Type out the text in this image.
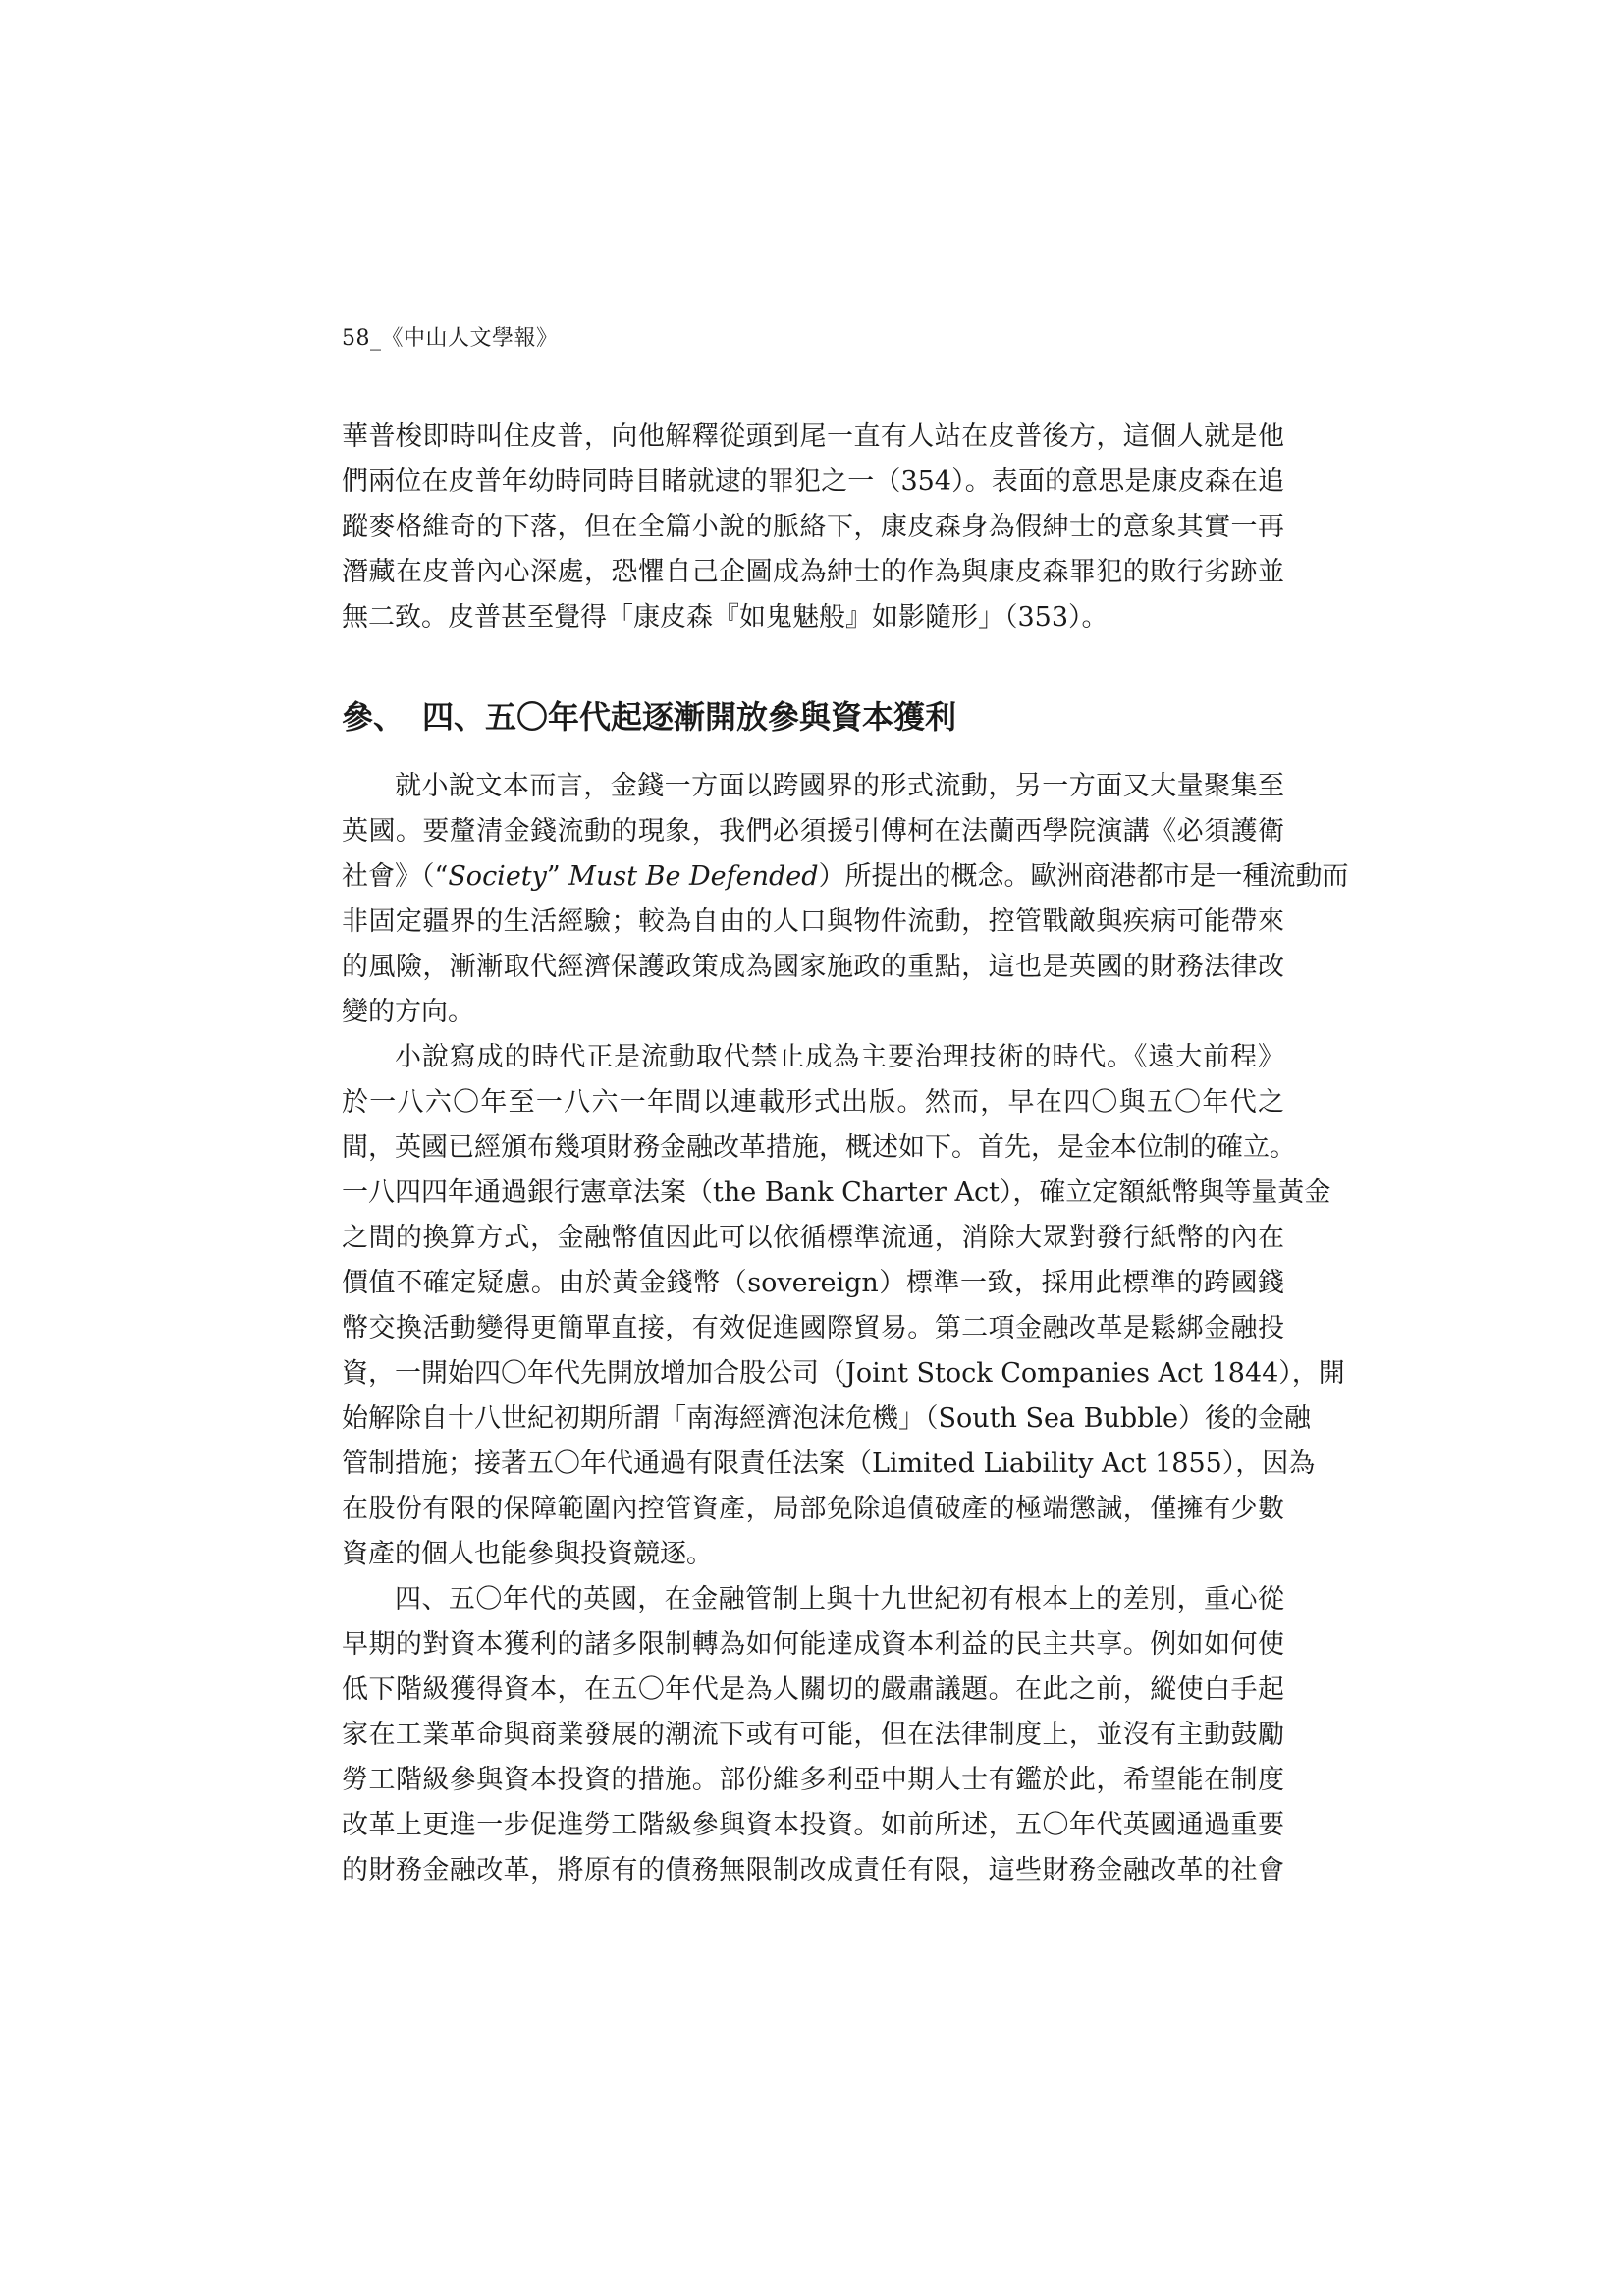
58_《中山人文學報》
華普梭即時叫住皮普，向他解釋從頭到尾一直有人站在皮普後方，這個人就是他
們兩位在皮普年幼時同時目睹就逮的罪犯之一（354）。表面的意思是康皮森在追
蹤麥格維奇的下落，但在全篇小說的脈絡下，康皮森身為假紳士的意象其實一再
潛藏在皮普內心深處，恐懼自己企圖成為紳士的作為與康皮森罪犯的敗行劣跡並
無二致。皮普甚至覺得「康皮森『如鬼魅般』如影隨形」（353）。
參、 四、五〇年代起逐漸開放參與資本獲利
就小說文本而言，金錢一方面以跨國界的形式流動，另一方面又大量聚集至
英國。要釐清金錢流動的現象，我們必須援引傅柯在法蘭西學院演講《必須護衛
社會》（“Society” Must Be Defended）所提出的概念。歐洲商港都市是一種流動而
非固定疆界的生活經驗；較為自由的人口與物件流動，控管戰敵與疾病可能帶來
的風險，漸漸取代經濟保護政策成為國家施政的重點，這也是英國的財務法律改
變的方向。
小說寫成的時代正是流動取代禁止成為主要治理技術的時代。《遠大前程》
於一八六〇年至一八六一年間以連載形式出版。然而，早在四〇與五〇年代之
間，英國已經頒布幾項財務金融改革措施，概述如下。首先，是金本位制的確立。
一八四四年通過銀行憲章法案（the Bank Charter Act），確立定額紙幣與等量黃金
之間的換算方式，金融幣值因此可以依循標準流通，消除大眾對發行紙幣的內在
價值不確定疑慮。由於黃金錢幣（sovereign）標準一致，採用此標準的跨國錢
幣交換活動變得更簡單直接，有效促進國際貿易。第二項金融改革是鬆綁金融投
資，一開始四〇年代先開放增加合股公司（Joint Stock Companies Act 1844），開
始解除自十八世紀初期所謂「南海經濟泡沫危機」（South Sea Bubble）後的金融
管制措施；接著五〇年代通過有限責任法案（Limited Liability Act 1855），因為
在股份有限的保障範圍內控管資產，局部免除追債破產的極端懲誡，僅擁有少數
資產的個人也能參與投資競逐。
四、五〇年代的英國，在金融管制上與十九世紀初有根本上的差別，重心從
早期的對資本獲利的諸多限制轉為如何能達成資本利益的民主共享。例如如何使
低下階級獲得資本，在五〇年代是為人關切的嚴肅議題。在此之前，縱使白手起
家在工業革命與商業發展的潮流下或有可能，但在法律制度上，並沒有主動鼓勵
勞工階級參與資本投資的措施。部份維多利亞中期人士有鑑於此，希望能在制度
改革上更進一步促進勞工階級參與資本投資。如前所述，五〇年代英國通過重要
的財務金融改革，將原有的債務無限制改成責任有限，這些財務金融改革的社會
